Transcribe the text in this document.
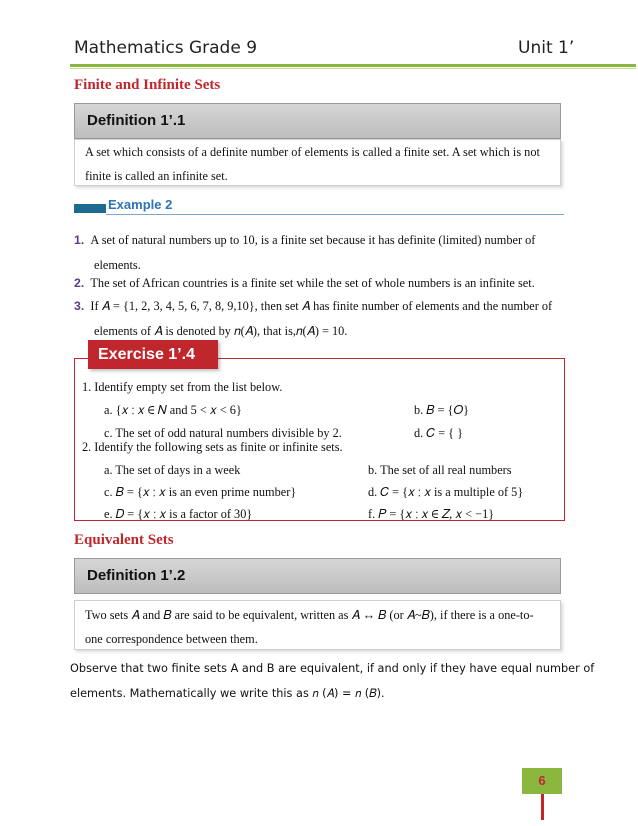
Mathematics Grade 9	Unit 1’
Finite and Infinite Sets
Definition 1’.1
A set which consists of a definite number of elements is called a finite set. A set which is not
finite is called an infinite set.
Example 2
1. A set of natural numbers up to 10, is a finite set because it has definite (limited) number of
elements.
2. The set of African countries is a finite set while the set of whole numbers is an infinite set.
3. If 𝐴 = {1, 2, 3, 4, 5, 6, 7, 8, 9,10}, then set 𝐴 has finite number of elements and the number of
elements of 𝐴 is denoted by 𝑛(𝐴), that is,𝑛(𝐴) = 10.
Exercise 1’.4
1. Identify empty set from the list below.
a. {𝑥 ∶ 𝑥 ∈ 𝑁 and 5 < 𝑥 < 6}	b. 𝐵 = {𝑂}
c. The set of odd natural numbers divisible by 2.	d. 𝐶 = { }
2. Identify the following sets as finite or infinite sets.
a. The set of days in a week	b. The set of all real numbers
c. 𝐵 = {𝑥 ∶ 𝑥 is an even prime number}	d. 𝐶 = {𝑥 ∶ 𝑥 is a multiple of 5}
e. 𝐷 = {𝑥 ∶ 𝑥 is a factor of 30}	f. 𝑃 = {𝑥 ∶ 𝑥 ∈ 𝑍, 𝑥 < −1}
Equivalent Sets
Definition 1’.2
Two sets 𝐴 and 𝐵 are said to be equivalent, written as 𝐴 ↔ 𝐵 (or 𝐴~𝐵), if there is a one-to-
one correspondence between them.
Observe that two finite sets A and B are equivalent, if and only if they have equal number of
elements. Mathematically we write this as 𝑛 (𝐴) = 𝑛 (𝐵).
6
